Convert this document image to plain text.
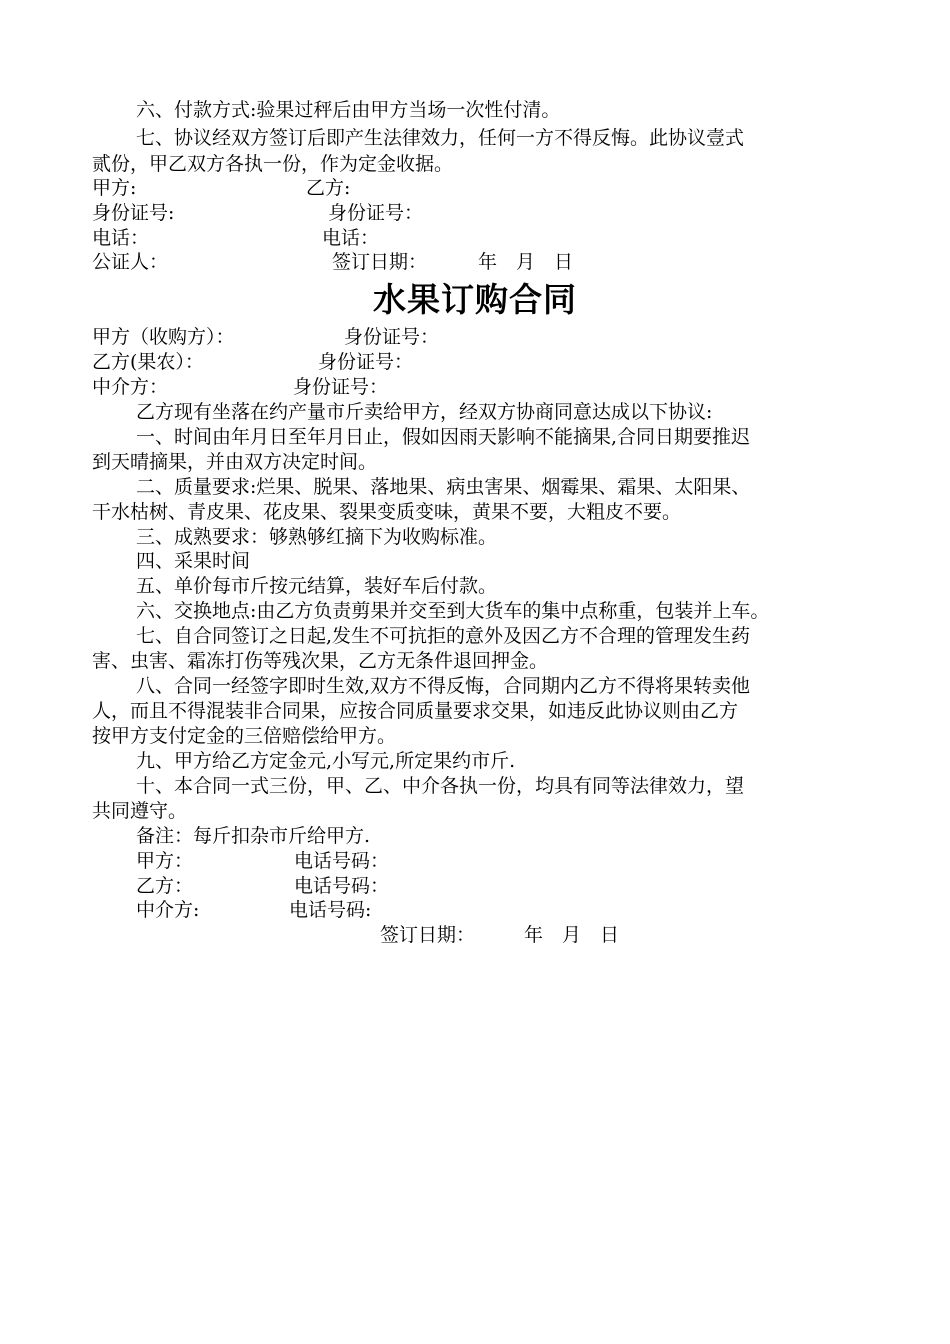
六、付款方式:验果过秤后由甲方当场一次性付清。
七、协议经双方签订后即产生法律效力，任何一方不得反悔。此协议壹式
贰份，甲乙双方各执一份，作为定金收据。
甲方:	乙方:
身份证号:	身份证号：
电话：	电话：
公证人：	签订日期：	年　月　日
水果订购合同
甲方（收购方）：	身份证号：
乙方(果农）：	身份证号：
中介方：	身份证号：
乙方现有坐落在约产量市斤卖给甲方，经双方协商同意达成以下协议:
一、时间由年月日至年月日止，假如因雨天影响不能摘果,合同日期要推迟
到天晴摘果，并由双方决定时间。
二、质量要求:烂果、脱果、落地果、病虫害果、烟霉果、霜果、太阳果、
干水枯树、青皮果、花皮果、裂果变质变味，黄果不要，大粗皮不要。
三、成熟要求：够熟够红摘下为收购标准。
四、采果时间
五、单价每市斤按元结算，装好车后付款。
六、交换地点:由乙方负责剪果并交至到大货车的集中点称重，包装并上车。
七、自合同签订之日起,发生不可抗拒的意外及因乙方不合理的管理发生药
害、虫害、霜冻打伤等残次果，乙方无条件退回押金。
八、合同一经签字即时生效,双方不得反悔，合同期内乙方不得将果转卖他
人，而且不得混装非合同果，应按合同质量要求交果，如违反此协议则由乙方
按甲方支付定金的三倍赔偿给甲方。
九、甲方给乙方定金元,小写元,所定果约市斤.
十、本合同一式三份，甲、乙、中介各执一份，均具有同等法律效力，望
共同遵守。
备注：每斤扣杂市斤给甲方.
甲方：	电话号码：
乙方：	电话号码：
中介方:	电话号码:
签订日期：	年　月　日
